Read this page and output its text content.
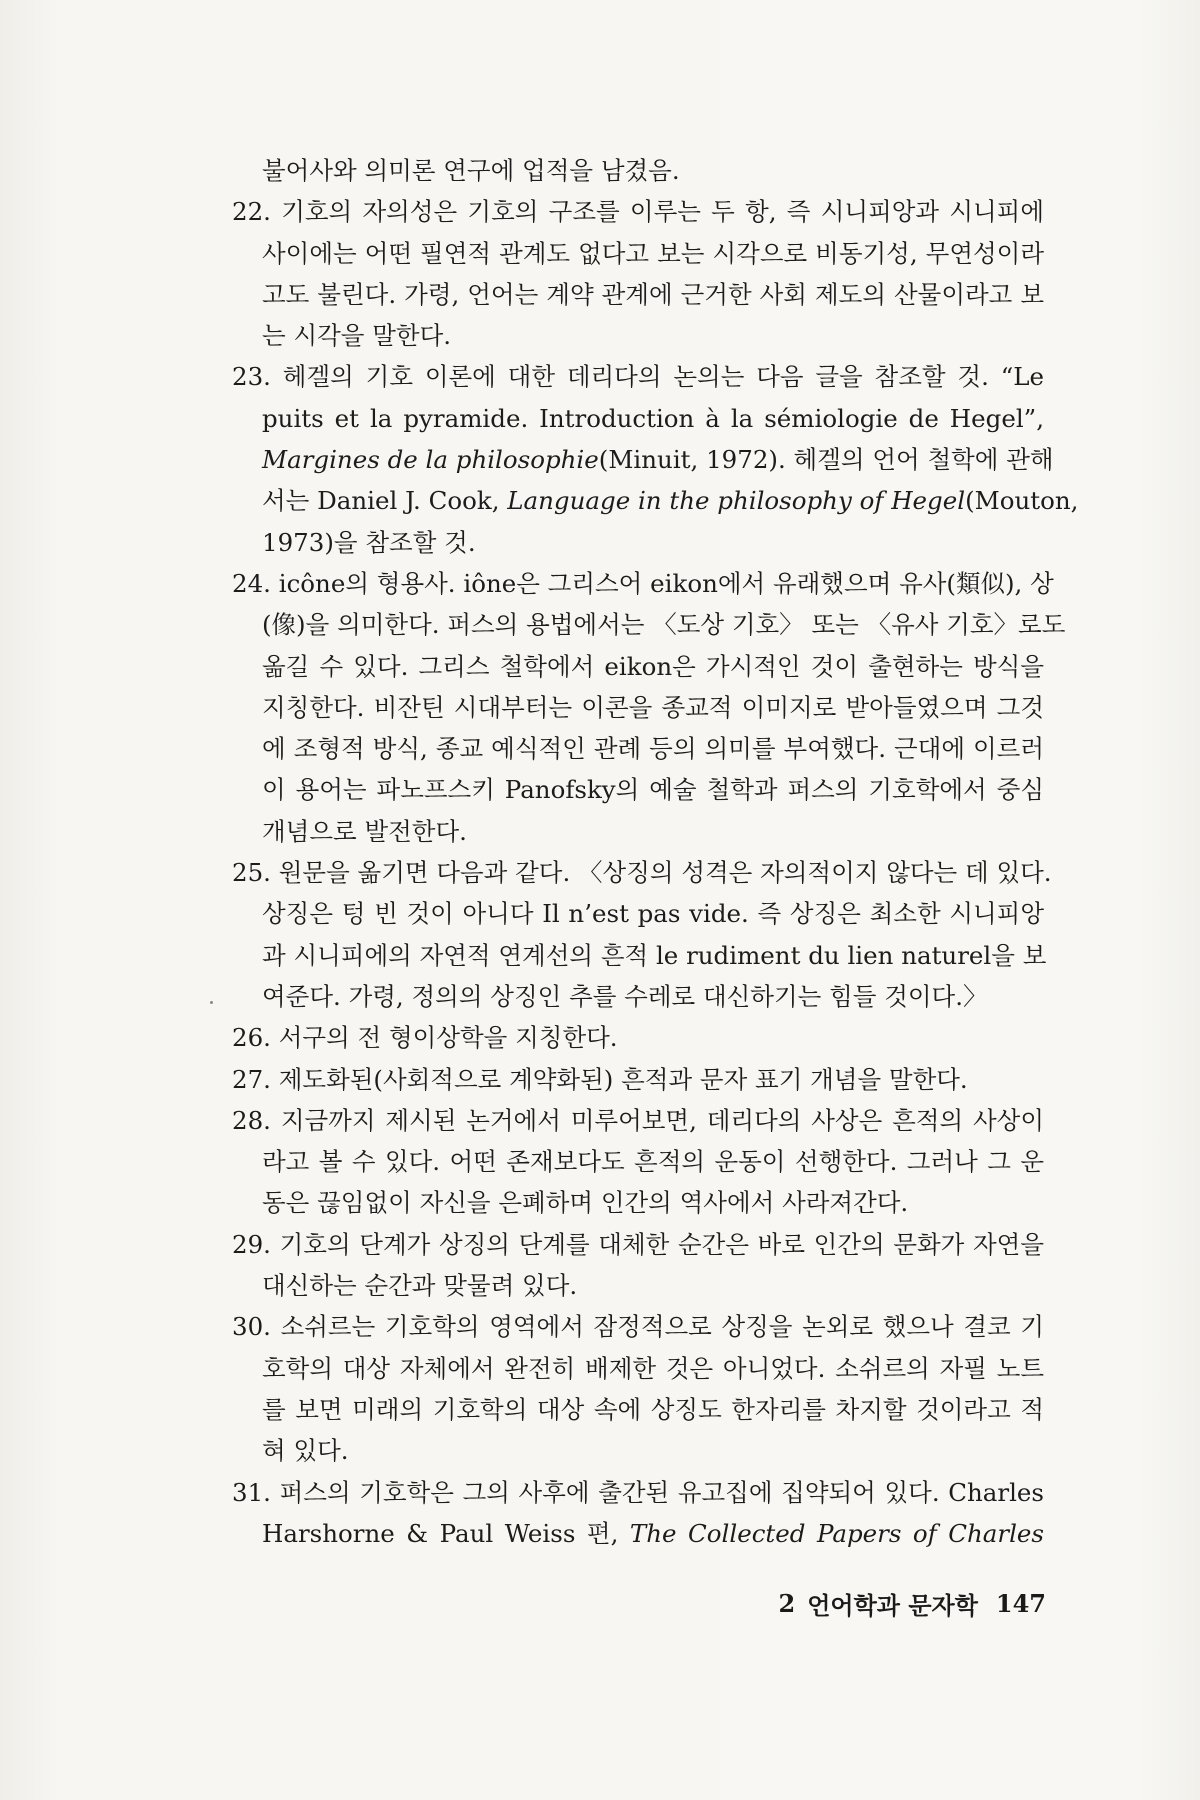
불어사와 의미론 연구에 업적을 남겼음.
22. 기호의 자의성은 기호의 구조를 이루는 두 항, 즉 시니피앙과 시니피에
사이에는 어떤 필연적 관계도 없다고 보는 시각으로 비동기성, 무연성이라
고도 불린다. 가령, 언어는 계약 관계에 근거한 사회 제도의 산물이라고 보
는 시각을 말한다.
23. 헤겔의 기호 이론에 대한 데리다의 논의는 다음 글을 참조할 것. “Le
puits et la pyramide. Introduction à la sémiologie de Hegel”,
Margines de la philosophie(Minuit, 1972). 헤겔의 언어 철학에 관해
서는 Daniel J. Cook, Language in the philosophy of Hegel(Mouton,
1973)을 참조할 것.
24. icône의 형용사. iône은 그리스어 eikon에서 유래했으며 유사(類似), 상
(像)을 의미한다. 퍼스의 용법에서는 〈도상 기호〉 또는 〈유사 기호〉로도
옮길 수 있다. 그리스 철학에서 eikon은 가시적인 것이 출현하는 방식을
지칭한다. 비잔틴 시대부터는 이콘을 종교적 이미지로 받아들였으며 그것
에 조형적 방식, 종교 예식적인 관례 등의 의미를 부여했다. 근대에 이르러
이 용어는 파노프스키 Panofsky의 예술 철학과 퍼스의 기호학에서 중심
개념으로 발전한다.
25. 원문을 옮기면 다음과 같다. 〈상징의 성격은 자의적이지 않다는 데 있다.
상징은 텅 빈 것이 아니다 Il n’est pas vide. 즉 상징은 최소한 시니피앙
과 시니피에의 자연적 연계선의 흔적 le rudiment du lien naturel을 보
여준다. 가령, 정의의 상징인 추를 수레로 대신하기는 힘들 것이다.〉
26. 서구의 전 형이상학을 지칭한다.
27. 제도화된(사회적으로 계약화된) 흔적과 문자 표기 개념을 말한다.
28. 지금까지 제시된 논거에서 미루어보면, 데리다의 사상은 흔적의 사상이
라고 볼 수 있다. 어떤 존재보다도 흔적의 운동이 선행한다. 그러나 그 운
동은 끊임없이 자신을 은폐하며 인간의 역사에서 사라져간다.
29. 기호의 단계가 상징의 단계를 대체한 순간은 바로 인간의 문화가 자연을
대신하는 순간과 맞물려 있다.
30. 소쉬르는 기호학의 영역에서 잠정적으로 상징을 논외로 했으나 결코 기
호학의 대상 자체에서 완전히 배제한 것은 아니었다. 소쉬르의 자필 노트
를 보면 미래의 기호학의 대상 속에 상징도 한자리를 차지할 것이라고 적
혀 있다.
31. 퍼스의 기호학은 그의 사후에 출간된 유고집에 집약되어 있다. Charles
Harshorne & Paul Weiss 편, The Collected Papers of Charles
2 언어학과 문자학 147
